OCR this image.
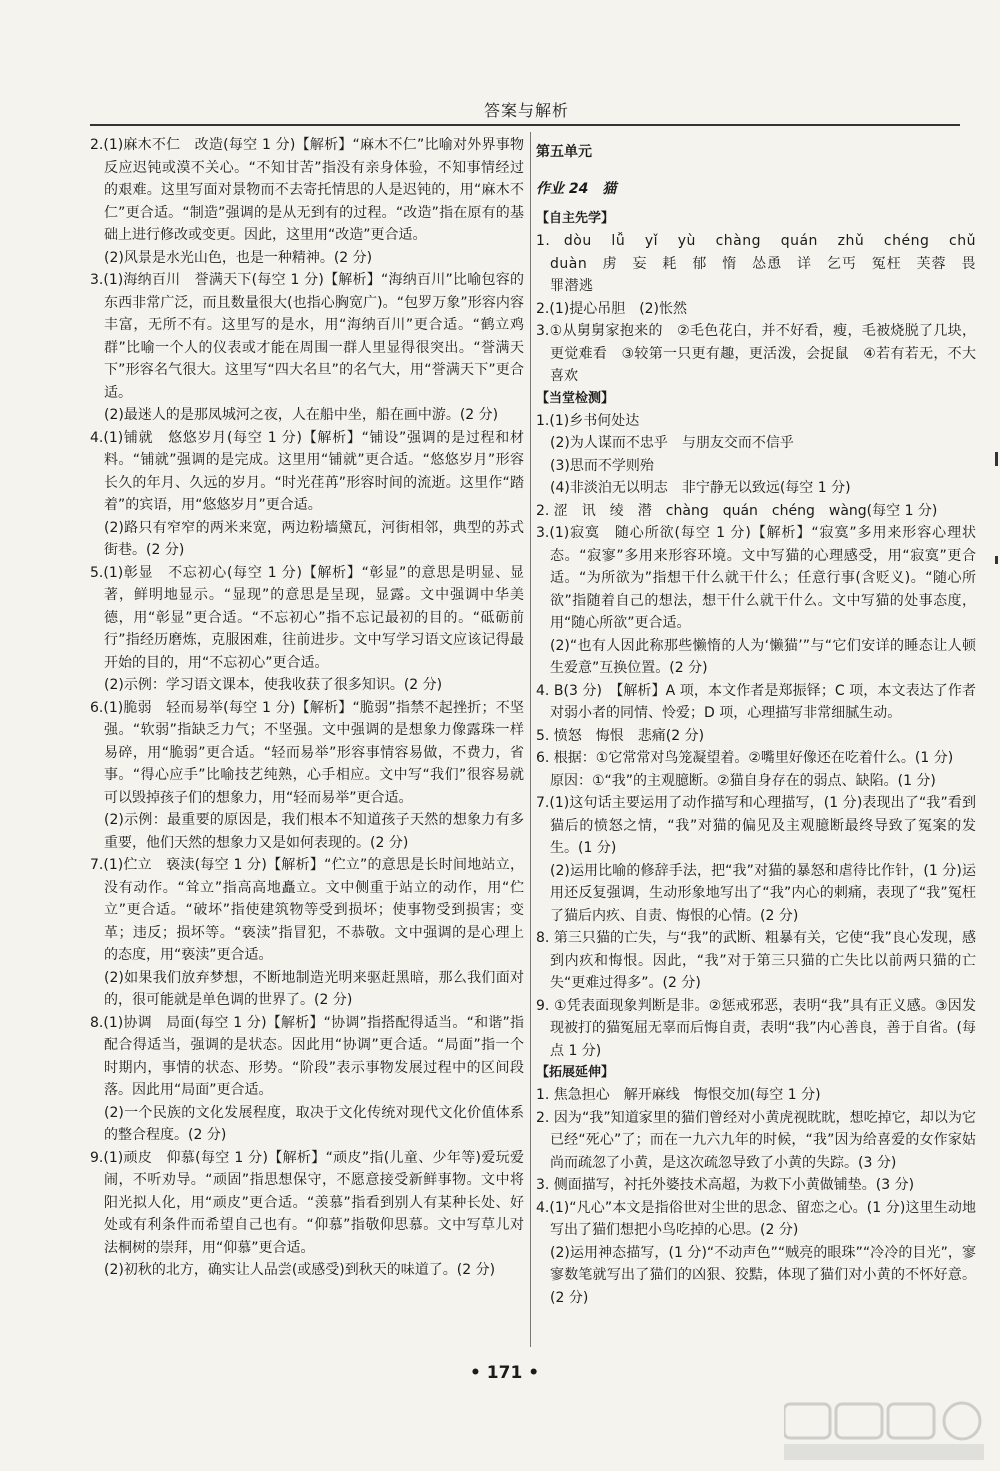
答案与解析

2.(1)麻木不仁　改造(每空 1 分)【解析】“麻木不仁”比喻对外界事物反应迟钝或漠不关心。“不知甘苦”指没有亲身体验，不知事情经过的艰难。这里写面对景物而不去寄托情思的人是迟钝的，用“麻木不仁”更合适。“制造”强调的是从无到有的过程。“改造”指在原有的基础上进行修改或变更。因此，这里用“改造”更合适。

(2)风景是水光山色，也是一种精神。(2 分)

3.(1)海纳百川　誉满天下(每空 1 分)【解析】“海纳百川”比喻包容的东西非常广泛，而且数量很大(也指心胸宽广)。“包罗万象”形容内容丰富，无所不有。这里写的是水，用“海纳百川”更合适。“鹤立鸡群”比喻一个人的仪表或才能在周围一群人里显得很突出。“誉满天下”形容名气很大。这里写“四大名旦”的名气大，用“誉满天下”更合适。

(2)最迷人的是那凤城河之夜，人在船中坐，船在画中游。(2 分)

4.(1)铺就　悠悠岁月(每空 1 分)【解析】“铺设”强调的是过程和材料。“铺就”强调的是完成。这里用“铺就”更合适。“悠悠岁月”形容长久的年月、久远的岁月。“时光荏苒”形容时间的流逝。这里作“踏着”的宾语，用“悠悠岁月”更合适。

(2)路只有窄窄的两米来宽，两边粉墙黛瓦，河街相邻，典型的苏式街巷。(2 分)

5.(1)彰显　不忘初心(每空 1 分)【解析】“彰显”的意思是明显、显著，鲜明地显示。“显现”的意思是呈现，显露。文中强调中华美德，用“彰显”更合适。“不忘初心”指不忘记最初的目的。“砥砺前行”指经历磨炼，克服困难，往前进步。文中写学习语文应该记得最开始的目的，用“不忘初心”更合适。

(2)示例：学习语文课本，使我收获了很多知识。(2 分)

6.(1)脆弱　轻而易举(每空 1 分)【解析】“脆弱”指禁不起挫折；不坚强。“软弱”指缺乏力气；不坚强。文中强调的是想象力像露珠一样易碎，用“脆弱”更合适。“轻而易举”形容事情容易做，不费力，省事。“得心应手”比喻技艺纯熟，心手相应。文中写“我们”很容易就可以毁掉孩子们的想象力，用“轻而易举”更合适。

(2)示例：最重要的原因是，我们根本不知道孩子天然的想象力有多重要，他们天然的想象力又是如何表现的。(2 分)

7.(1)伫立　亵渎(每空 1 分)【解析】“伫立”的意思是长时间地站立，没有动作。“耸立”指高高地矗立。文中侧重于站立的动作，用“伫立”更合适。“破坏”指使建筑物等受到损坏；使事物受到损害；变革；违反；损坏等。“亵渎”指冒犯，不恭敬。文中强调的是心理上的态度，用“亵渎”更合适。

(2)如果我们放弃梦想，不断地制造光明来驱赶黑暗，那么我们面对的，很可能就是单色调的世界了。(2 分)

8.(1)协调　局面(每空 1 分)【解析】“协调”指搭配得适当。“和谐”指配合得适当，强调的是状态。因此用“协调”更合适。“局面”指一个时期内，事情的状态、形势。“阶段”表示事物发展过程中的区间段落。因此用“局面”更合适。

(2)一个民族的文化发展程度，取决于文化传统对现代文化价值体系的整合程度。(2 分)

9.(1)顽皮　仰慕(每空 1 分)【解析】“顽皮”指(儿童、少年等)爱玩爱闹，不听劝导。“顽固”指思想保守，不愿意接受新鲜事物。文中将阳光拟人化，用“顽皮”更合适。“羡慕”指看到别人有某种长处、好处或有利条件而希望自己也有。“仰慕”指敬仰思慕。文中写草儿对法桐树的崇拜，用“仰慕”更合适。

(2)初秋的北方，确实让人品尝(或感受)到秋天的味道了。(2 分)

第五单元

作业 24　猫

【自主先学】

1. dòu　lǚ　yǐ　yù　chàng　quán　zhǔ　chéng　chǔ　duàn　虏　妄　耗　郁　惰　怂恿　详　乞丐　冤枉　芙蓉　畏罪潜逃

2.(1)提心吊胆　(2)怅然

3.①从舅舅家抱来的　②毛色花白，并不好看，瘦，毛被烧脱了几块，更觉难看　③较第一只更有趣，更活泼，会捉鼠　④若有若无，不大喜欢

【当堂检测】

1.(1)乡书何处达

(2)为人谋而不忠乎　与朋友交而不信乎

(3)思而不学则殆

(4)非淡泊无以明志　非宁静无以致远(每空 1 分)

2. 涩　讯　绫　潜　chàng　quán　chéng　wàng(每空 1 分)

3.(1)寂寞　随心所欲(每空 1 分)【解析】“寂寞”多用来形容心理状态。“寂寥”多用来形容环境。文中写猫的心理感受，用“寂寞”更合适。“为所欲为”指想干什么就干什么；任意行事(含贬义)。“随心所欲”指随着自己的想法，想干什么就干什么。文中写猫的处事态度，用“随心所欲”更合适。

(2)“也有人因此称那些懒惰的人为‘懒猫’”与“它们安详的睡态让人顿生爱意”互换位置。(2 分)

4. B(3 分)　【解析】A 项，本文作者是郑振铎；C 项，本文表达了作者对弱小者的同情、怜爱；D 项，心理描写非常细腻生动。

5. 愤怒　悔恨　悲痛(2 分)

6. 根据：①它常常对鸟笼凝望着。②嘴里好像还在吃着什么。(1 分)

原因：①“我”的主观臆断。②猫自身存在的弱点、缺陷。(1 分)

7.(1)这句话主要运用了动作描写和心理描写，(1 分)表现出了“我”看到猫后的愤怒之情，“我”对猫的偏见及主观臆断最终导致了冤案的发生。(1 分)

(2)运用比喻的修辞手法，把“我”对猫的暴怒和虐待比作针，(1 分)运用还反复强调，生动形象地写出了“我”内心的刺痛，表现了“我”冤枉了猫后内疚、自责、悔恨的心情。(2 分)

8. 第三只猫的亡失，与“我”的武断、粗暴有关，它使“我”良心发现，感到内疚和悔恨。因此，“我”对于第三只猫的亡失比以前两只猫的亡失“更难过得多”。(2 分)

9. ①凭表面现象判断是非。②惩戒邪恶，表明“我”具有正义感。③因发现被打的猫冤屈无辜而后悔自责，表明“我”内心善良，善于自省。(每点 1 分)

【拓展延伸】

1. 焦急担心　解开麻线　悔恨交加(每空 1 分)

2. 因为“我”知道家里的猫们曾经对小黄虎视眈眈，想吃掉它，却以为它已经“死心”了；而在一九六九年的时候，“我”因为给喜爱的女作家姑尚而疏忽了小黄，是这次疏忽导致了小黄的失踪。(3 分)

3. 侧面描写，衬托外婆技术高超，为救下小黄做铺垫。(3 分)

4.(1)“凡心”本文是指俗世对尘世的思念、留恋之心。(1 分)这里生动地写出了猫们想把小鸟吃掉的心思。(2 分)

(2)运用神态描写，(1 分)“不动声色”“贼亮的眼珠”“冷冷的目光”，寥寥数笔就写出了猫们的凶狠、狡黠，体现了猫们对小黄的不怀好意。(2 分)

• 171 •
